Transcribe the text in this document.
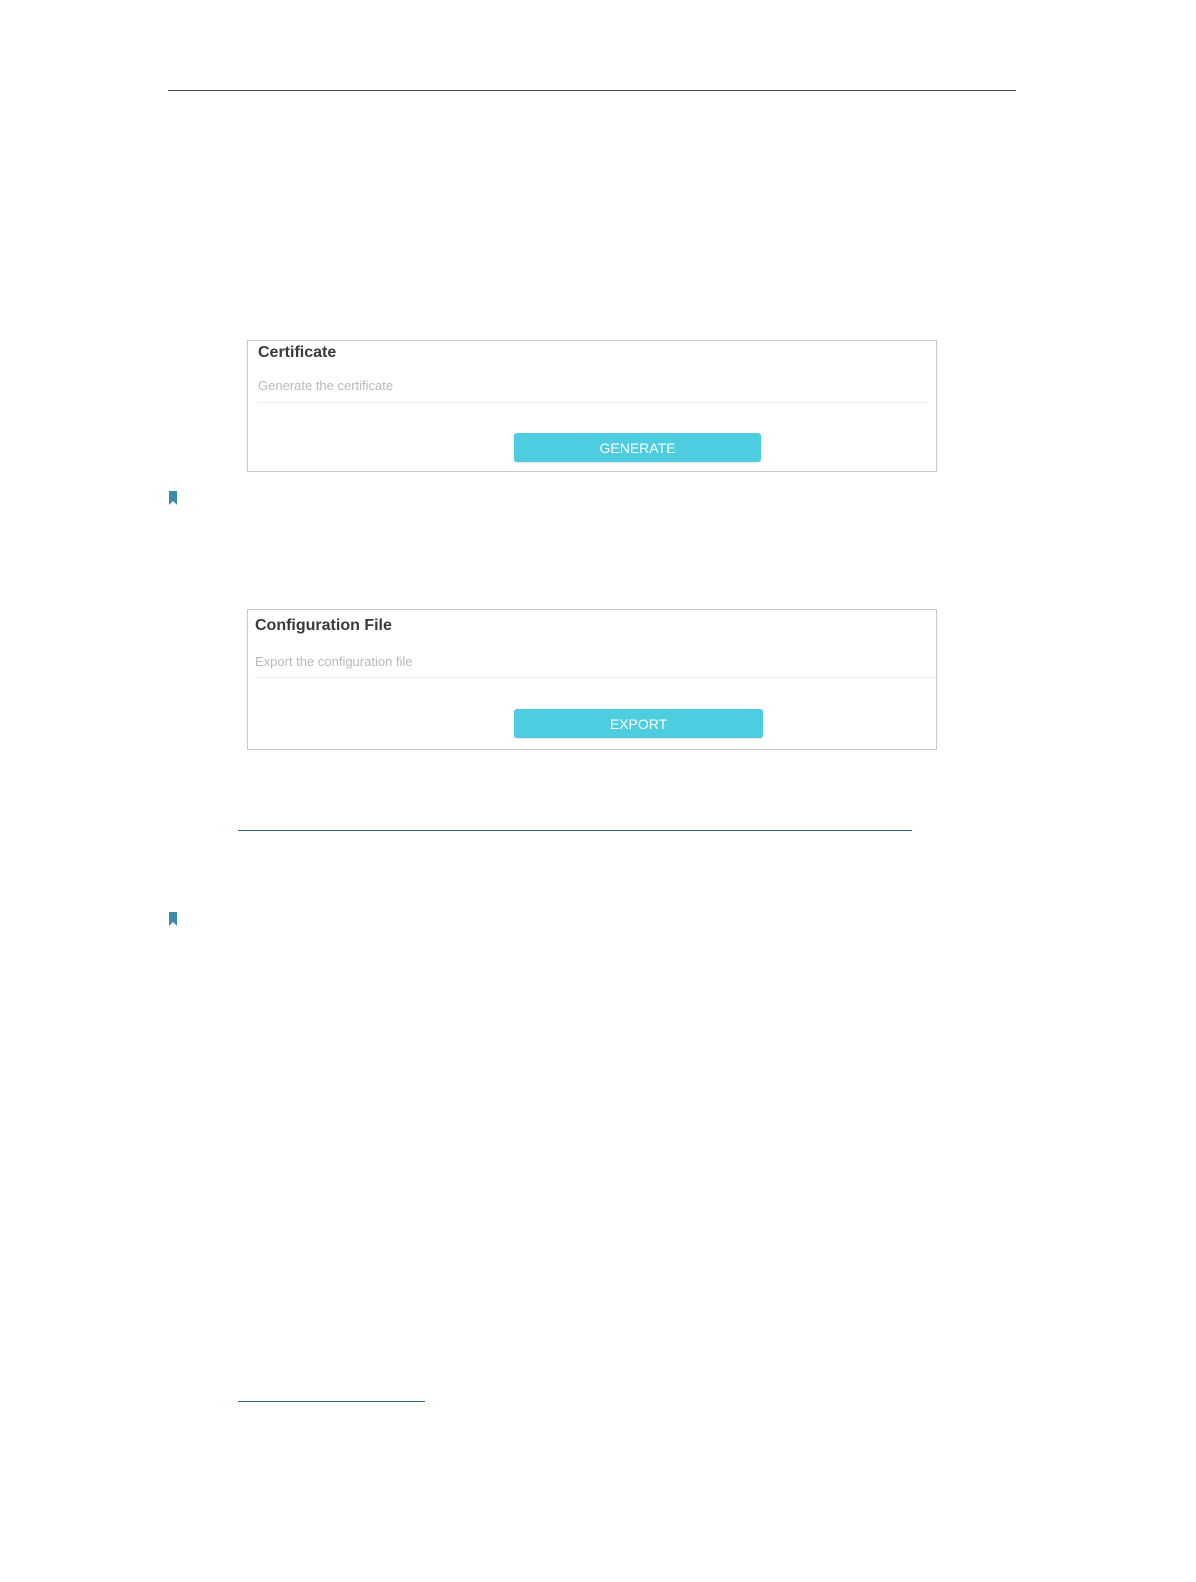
Certificate
Generate the certificate
GENERATE
Configuration File
Export the configuration file
EXPORT
